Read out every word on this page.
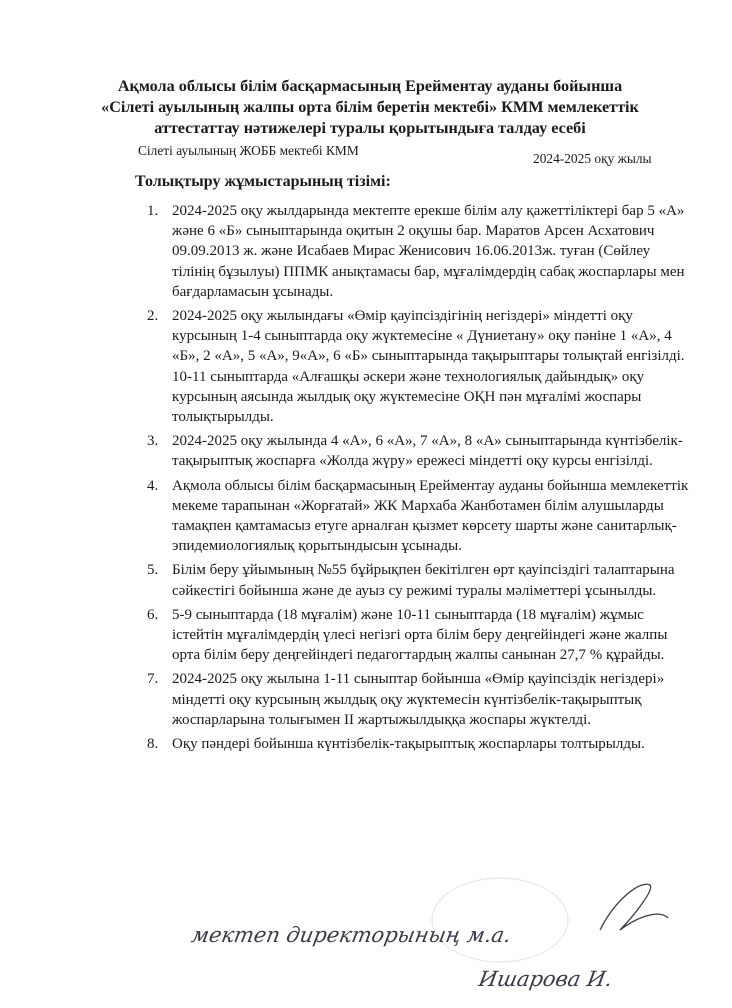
Ақмола облысы білім басқармасының Ерейментау ауданы бойынша
«Сілеті ауылының жалпы орта білім беретін мектебі» КММ мемлекеттік
аттестаттау нәтижелері туралы қорытындыға талдау есебі
Сілеті ауылының ЖОББ мектебі КММ
2024-2025 оқу жылы
Толықтыру жұмыстарының тізімі:
1. 2024-2025 оқу жылдарында мектепте ерекше білім алу қажеттіліктері бар 5 «А» және 6 «Б» сыныптарында оқитын 2 оқушы бар. Маратов Арсен Асхатович 09.09.2013 ж. және Исабаев Мирас Женисович 16.06.2013ж. туған (Сөйлеу тілінің бұзылуы) ППМК анықтамасы бар, мұғалімдердің сабақ жоспарлары мен бағдарламасын ұсынады.
2. 2024-2025 оқу жылындағы «Өмір қауіпсіздігінің негіздері» міндетті оқу курсының 1-4 сыныптарда оқу жүктемесіне « Дүниетану» оқу пәніне 1 «А», 4 «Б», 2 «А», 5 «А», 9«А», 6 «Б» сыныптарында тақырыптары толықтай енгізілді. 10-11 сыныптарда «Алғашқы әскери және технологиялық дайындық» оқу курсының аясында жылдық оқу жүктемесіне ОҚН пән мұғалімі жоспары толықтырылды.
3. 2024-2025 оқу жылында 4 «А», 6 «А», 7 «А», 8 «А» сыныптарында күнтізбелік- тақырыптық жоспарға «Жолда жүру» ережесі міндетті оқу курсы енгізілді.
4. Ақмола облысы білім басқармасының Ерейментау ауданы бойынша мемлекеттік мекеме тарапынан «Жорғатай» ЖК Мархаба Жанботамен білім алушыларды тамақпен қамтамасыз етуге арналған қызмет көрсету шарты және санитарлық- эпидемиологиялық қорытындысын ұсынады.
5. Білім беру ұйымының №55 бұйрықпен бекітілген өрт қауіпсіздігі талаптарына сәйкестігі бойынша және де ауыз су режимі туралы мәліметтері ұсынылды.
6. 5-9 сыныптарда (18 мұғалім) және 10-11 сыныптарда (18 мұғалім) жұмыс істейтін мұғалімдердің үлесі негізгі орта білім беру деңгейіндегі және жалпы орта білім беру деңгейіндегі педагогтардың жалпы санынан 27,7 % құрайды.
7. 2024-2025 оқу жылына 1-11 сыныптар бойынша «Өмір қауіпсіздік негіздері» міндетті оқу курсының жылдық оқу жүктемесін күнтізбелік-тақырыптық жоспарларына толығымен II жартыжылдыққа жоспары жүктелді.
8. Оқу пәндері бойынша күнтізбелік-тақырыптық жоспарлары толтырылды.
мектеп директорының м.а.
Ишарова И.
